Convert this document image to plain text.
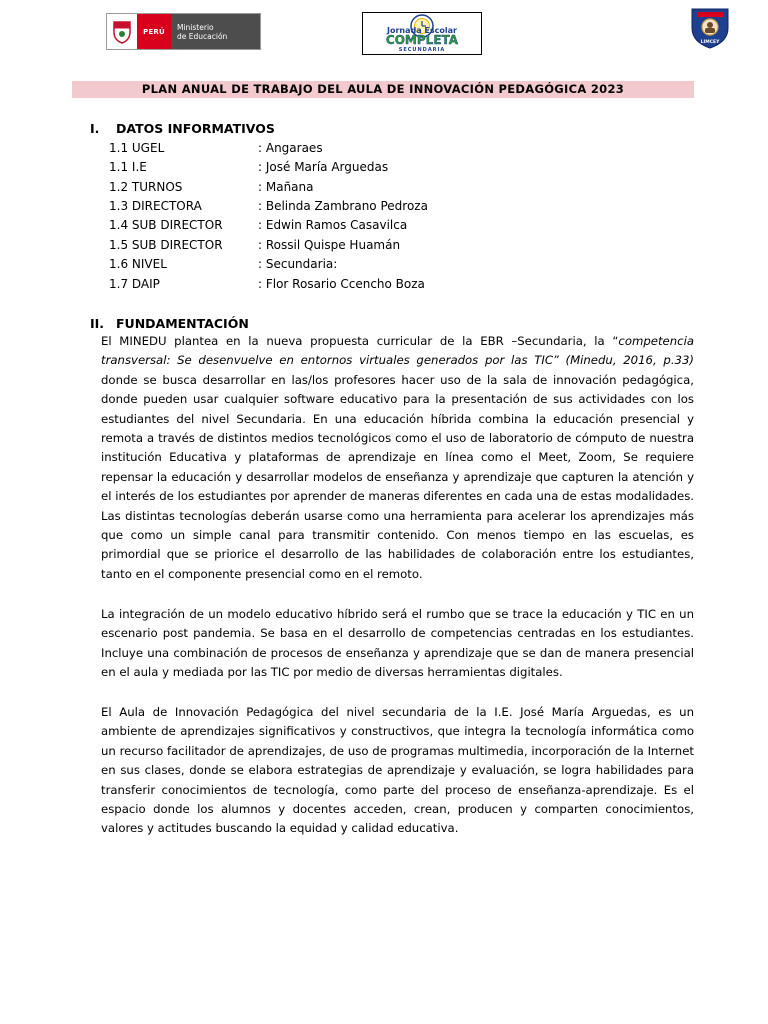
PERÚ	Ministerio
de Educación
Jornada Escolar
COMPLETA
SECUNDARIA
LIMCEY
PLAN ANUAL DE TRABAJO DEL AULA DE INNOVACIÓN PEDAGÓGICA 2023
I. DATOS INFORMATIVOS
1.1 UGEL	: Angaraes
1.1 I.E	: José María Arguedas
1.2 TURNOS	: Mañana
1.3 DIRECTORA	: Belinda Zambrano Pedroza
1.4 SUB DIRECTOR	: Edwin Ramos Casavilca
1.5 SUB DIRECTOR	: Rossil Quispe Huamán
1.6 NIVEL	: Secundaria:
1.7 DAIP	: Flor Rosario Ccencho Boza
II. FUNDAMENTACIÓN

El MINEDU plantea en la nueva propuesta curricular de la EBR –Secundaria, la “competencia transversal: Se desenvuelve en entornos virtuales generados por las TIC” (Minedu, 2016, p.33) donde se busca desarrollar en las/los profesores hacer uso de la sala de innovación pedagógica, donde pueden usar cualquier software educativo para la presentación de sus actividades con los estudiantes del nivel Secundaria. En una educación híbrida combina la educación presencial y remota a través de distintos medios tecnológicos como el uso de laboratorio de cómputo de nuestra institución Educativa y plataformas de aprendizaje en línea como el Meet, Zoom, Se requiere repensar la educación y desarrollar modelos de enseñanza y aprendizaje que capturen la atención y el interés de los estudiantes por aprender de maneras diferentes en cada una de estas modalidades. Las distintas tecnologías deberán usarse como una herramienta para acelerar los aprendizajes más que como un simple canal para transmitir contenido. Con menos tiempo en las escuelas, es primordial que se priorice el desarrollo de las habilidades de colaboración entre los estudiantes, tanto en el componente presencial como en el remoto.

La integración de un modelo educativo híbrido será el rumbo que se trace la educación y TIC en un escenario post pandemia. Se basa en el desarrollo de competencias centradas en los estudiantes. Incluye una combinación de procesos de enseñanza y aprendizaje que se dan de manera presencial en el aula y mediada por las TIC por medio de diversas herramientas digitales.

El Aula de Innovación Pedagógica del nivel secundaria de la I.E. José María Arguedas, es un ambiente de aprendizajes significativos y constructivos, que integra la tecnología informática como un recurso facilitador de aprendizajes, de uso de programas multimedia, incorporación de la Internet en sus clases, donde se elabora estrategias de aprendizaje y evaluación, se logra habilidades para transferir conocimientos de tecnología, como parte del proceso de enseñanza-aprendizaje. Es el espacio donde los alumnos y docentes acceden, crean, producen y comparten conocimientos, valores y actitudes buscando la equidad y calidad educativa.
